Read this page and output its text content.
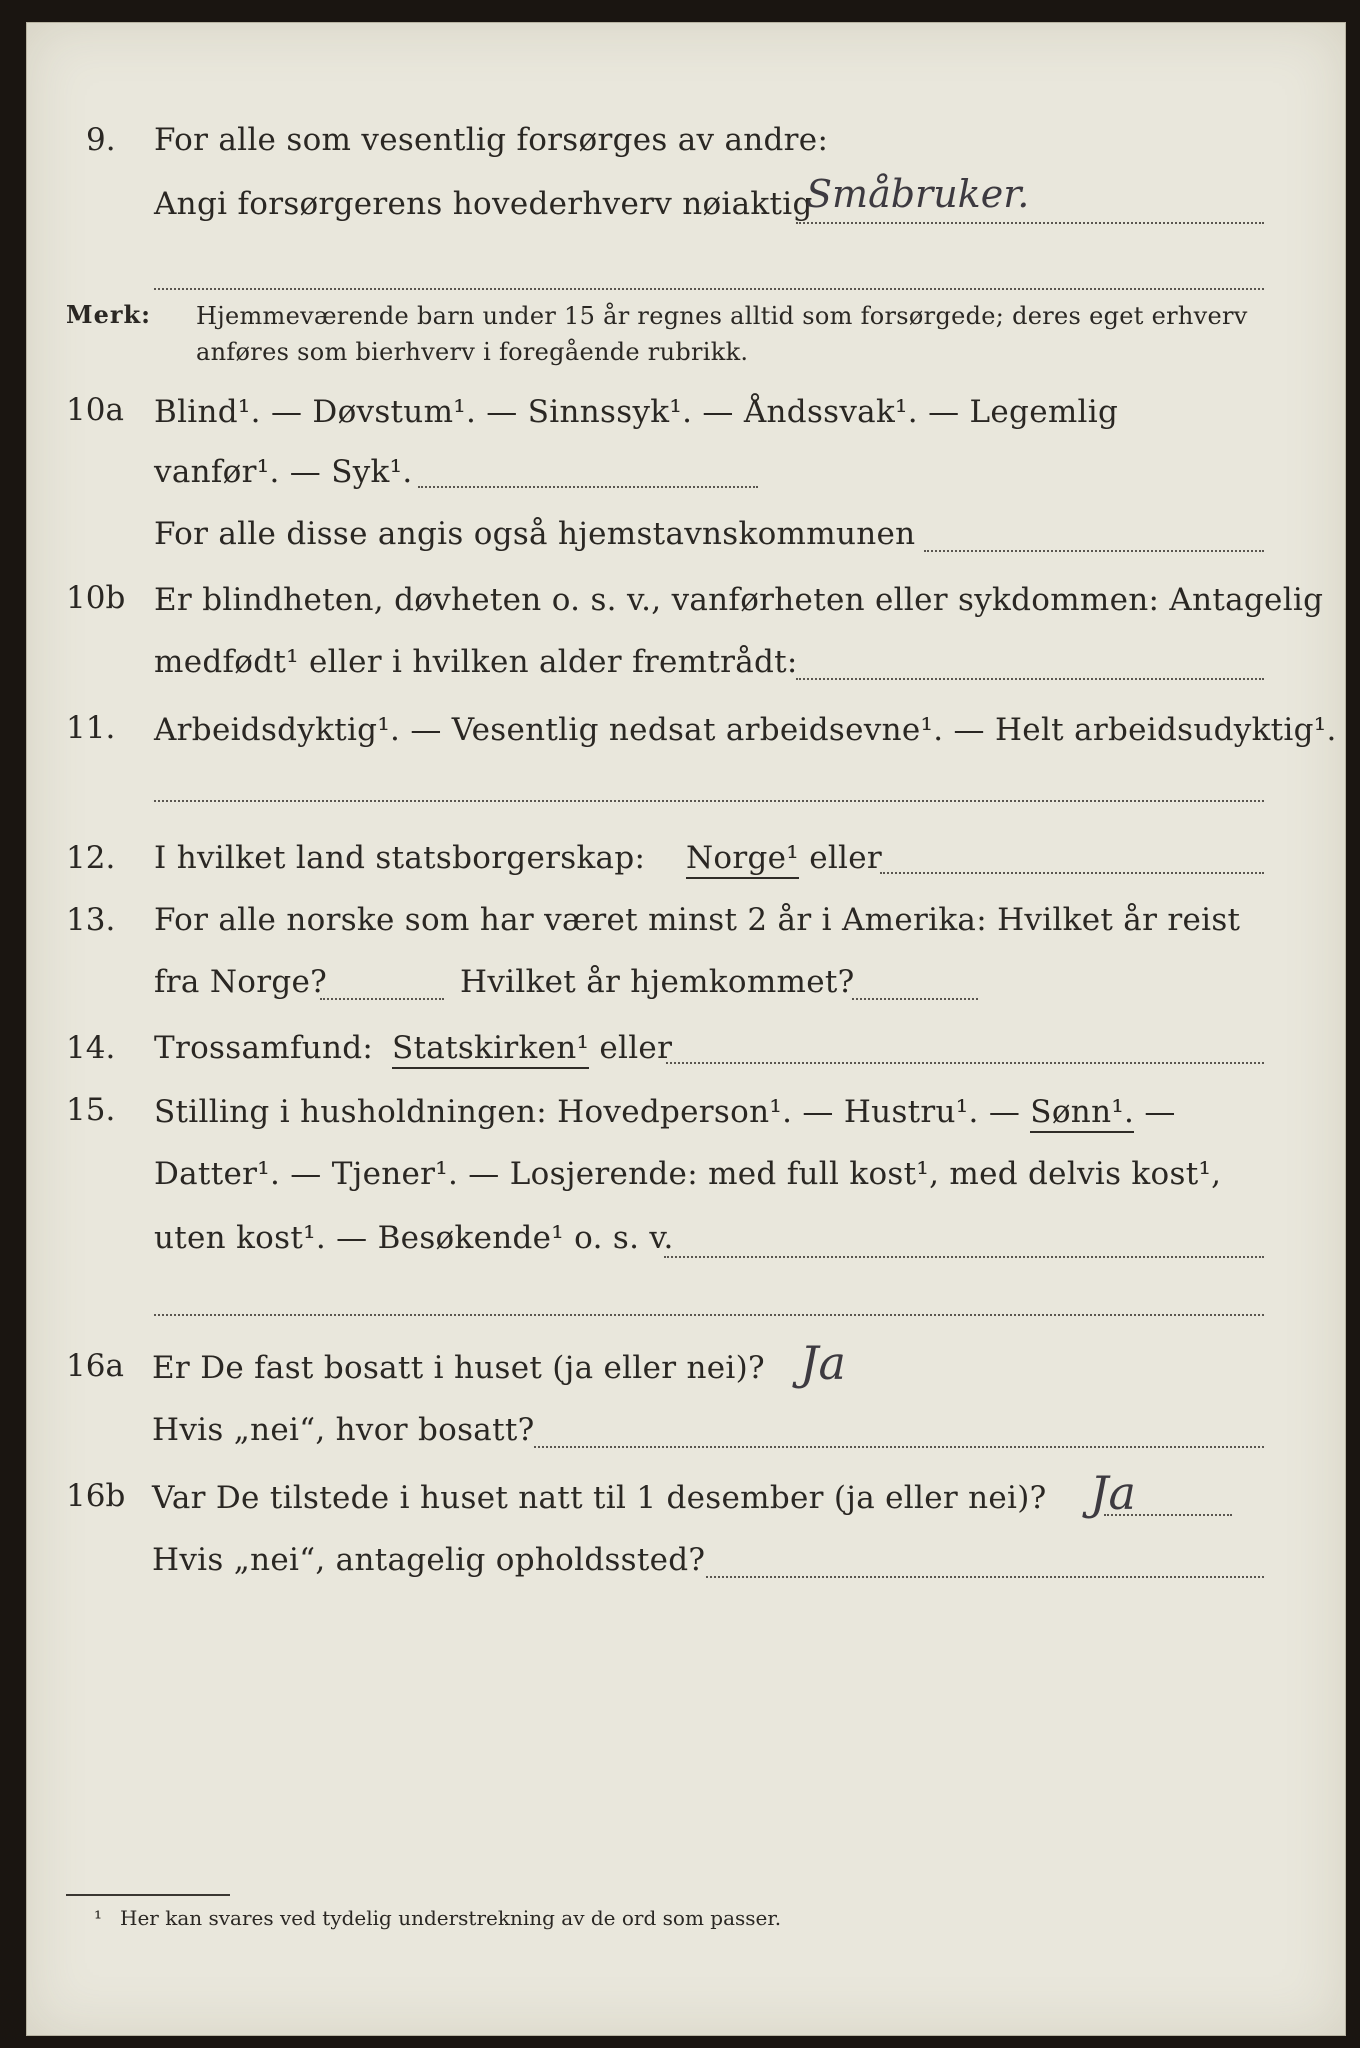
9. For alle som vesentlig forsørges av andre:
Angi forsørgerens hovederhverv nøiaktig
Småbruker.
Merk: Hjemmeværende barn under 15 år regnes alltid som forsørgede; deres eget erhverv
anføres som bierhverv i foregående rubrikk.
10a Blind¹. — Døvstum¹. — Sinnssyk¹. — Åndssvak¹. — Legemlig
vanfør¹. — Syk¹.
For alle disse angis også hjemstavnskommunen
10b Er blindheten, døvheten o. s. v., vanførheten eller sykdommen: Antagelig
medfødt¹ eller i hvilken alder fremtrådt:
11. Arbeidsdyktig¹. — Vesentlig nedsat arbeidsevne¹. — Helt arbeidsudyktig¹.
12. I hvilket land statsborgerskap: Norge¹ eller
13. For alle norske som har været minst 2 år i Amerika: Hvilket år reist
fra Norge?	Hvilket år hjemkommet?
14. Trossamfund: Statskirken¹ eller
15. Stilling i husholdningen: Hovedperson¹. — Hustru¹. — Sønn¹. —
Datter¹. — Tjener¹. — Losjerende: med full kost¹, med delvis kost¹,
uten kost¹. — Besøkende¹ o. s. v.
16a Er De fast bosatt i huset (ja eller nei)? Ja
Hvis „nei“, hvor bosatt?
16b Var De tilstede i huset natt til 1 desember (ja eller nei)? Ja
Hvis „nei“, antagelig opholdssted?
¹ Her kan svares ved tydelig understrekning av de ord som passer.
